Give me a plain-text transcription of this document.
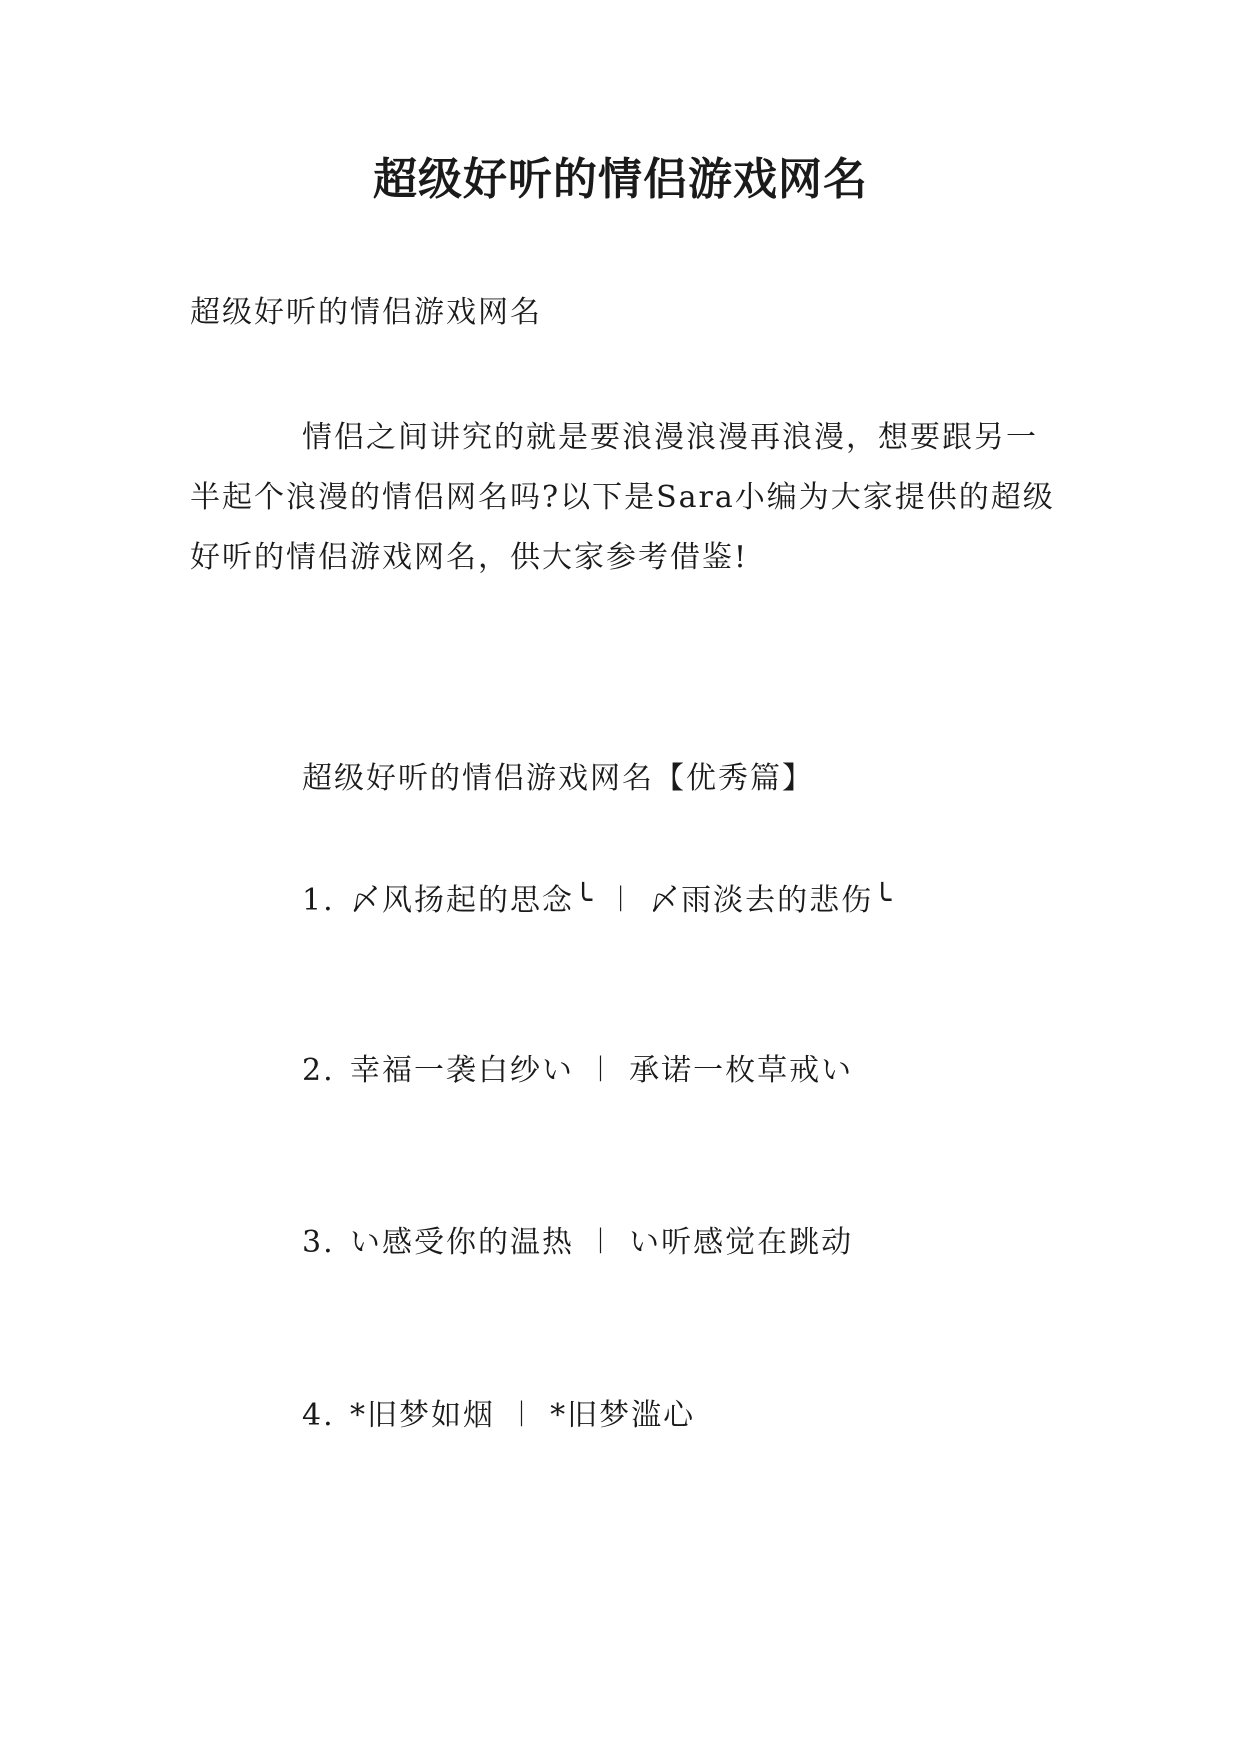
超级好听的情侣游戏网名

超级好听的情侣游戏网名

情侣之间讲究的就是要浪漫浪漫再浪漫，想要跟另一半起个浪漫的情侣网名吗?以下是Sara小编为大家提供的超级好听的情侣游戏网名，供大家参考借鉴!

超级好听的情侣游戏网名【优秀篇】

1. 〆风扬起的思念╰ ︱ 〆雨淡去的悲伤╰

2. 幸福一袭白纱い ︱ 承诺一枚草戒い

3. い感受你的温热 ︱ い听感觉在跳动

4. *旧梦如烟 ︱ *旧梦滥心
